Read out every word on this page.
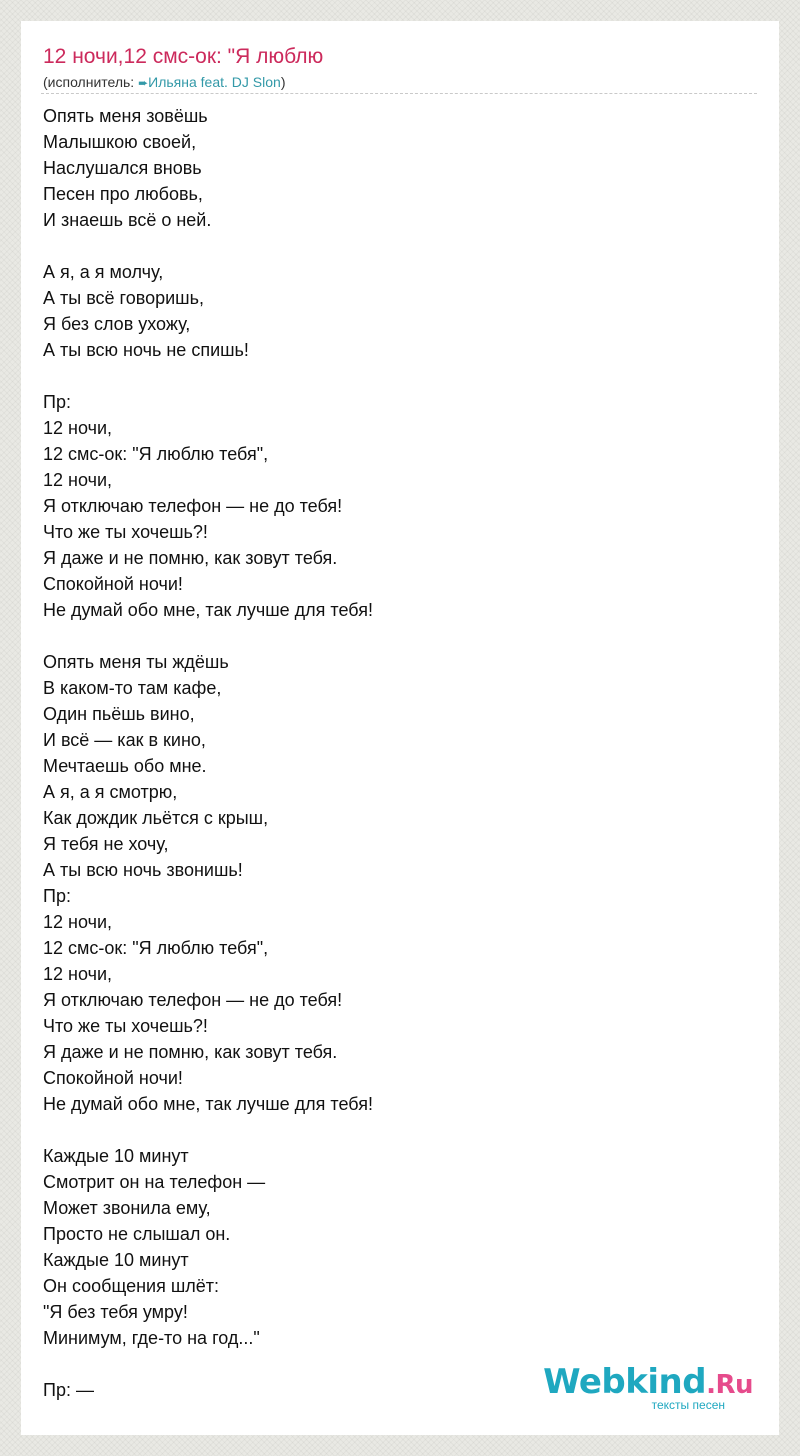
12 ночи,12 смс-ок: "Я люблю
(исполнитель: ➨Ильяна feat. DJ Slon)
Опять меня зовёшь
Малышкою своей,
Наслушался вновь
Песен про любовь,
И знаешь всё о ней.
А я, а я молчу,
А ты всё говоришь,
Я без слов ухожу,
А ты всю ночь не спишь!
Пр:
12 ночи,
12 смс-ок: "Я люблю тебя",
12 ночи,
Я отключаю телефон — не до тебя!
Что же ты хочешь?!
Я даже и не помню, как зовут тебя.
Спокойной ночи!
Не думай обо мне, так лучше для тебя!
Опять меня ты ждёшь
В каком-то там кафе,
Один пьёшь вино,
И всё — как в кино,
Мечтаешь обо мне.
А я, а я смотрю,
Как дождик льётся с крыш,
Я тебя не хочу,
А ты всю ночь звонишь!
Пр:
12 ночи,
12 смс-ок: "Я люблю тебя",
12 ночи,
Я отключаю телефон — не до тебя!
Что же ты хочешь?!
Я даже и не помню, как зовут тебя.
Спокойной ночи!
Не думай обо мне, так лучше для тебя!
Каждые 10 минут
Смотрит он на телефон —
Может звонила ему,
Просто не слышал он.
Каждые 10 минут
Он сообщения шлёт:
"Я без тебя умру!
Минимум, где-то на год..."
Пр: —	Webkind.Ru
тексты песен
